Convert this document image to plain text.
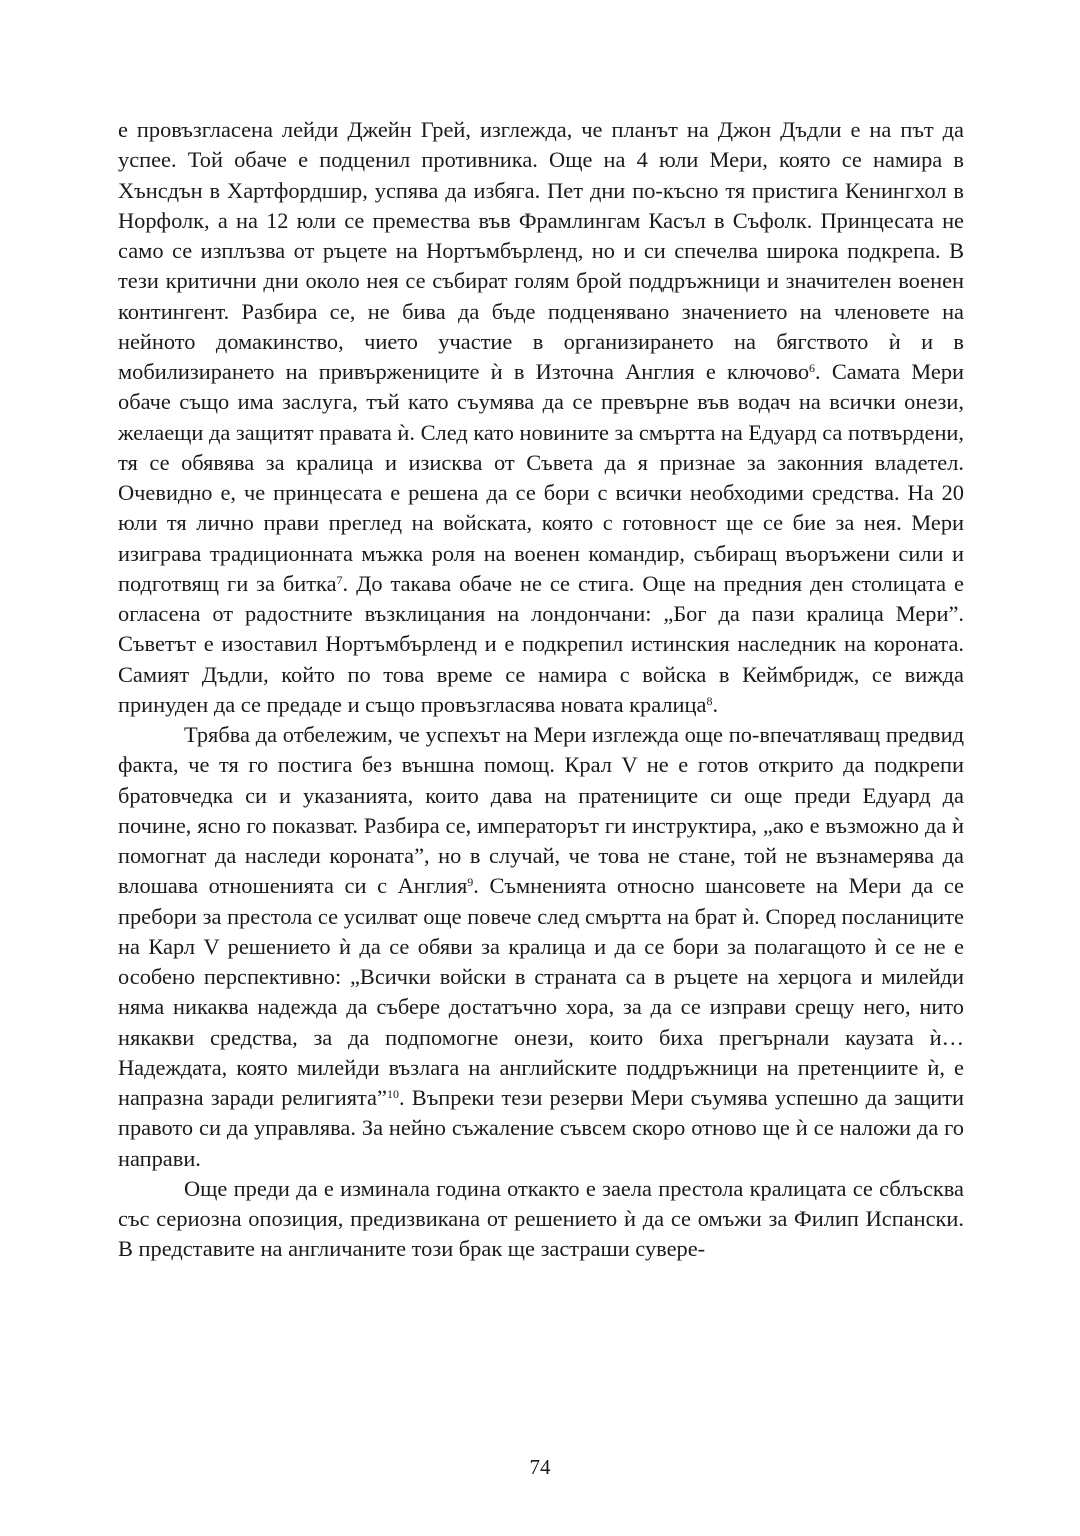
е провъзгласена лейди Джейн Грей, изглежда, че планът на Джон Дъдли е на път да успее. Той обаче е подценил противника. Още на 4 юли Мери, която се намира в Хънсдън в Хартфордшир, успява да избяга. Пет дни по-късно тя пристига Кенингхол в Норфолк, а на 12 юли се премества във Фрамлингам Касъл в Съфолк. Принцесата не само се изплъзва от ръцете на Нортъмбърленд, но и си спечелва широка подкрепа. В тези критични дни около нея се събират голям брой поддръжници и значителен военен контингент. Разбира се, не бива да бъде подценявано значението на членовете на нейното домакинство, чието участие в организирането на бягството ѝ и в мобилизирането на привържениците ѝ в Източна Англия е ключово$^6$. Самата Мери обаче също има заслуга, тъй като съумява да се превърне във водач на всички онези, желаещи да защитят правата ѝ. След като новините за смъртта на Едуард са потвърдени, тя се обявява за кралица и изисква от Съвета да я признае за законния владетел. Очевидно е, че принцесата е решена да се бори с всички необходими средства. На 20 юли тя лично прави преглед на войската, която с готовност ще се бие за нея. Мери изиграва традиционната мъжка роля на военен командир, събиращ въоръжени сили и подготвящ ги за битка$^7$. До такава обаче не се стига. Още на предния ден столицата е огласена от радостните възклицания на лондончани: „Бог да пази кралица Мери”. Съветът е изоставил Нортъмбърленд и е подкрепил истинския наследник на короната. Самият Дъдли, който по това време се намира с войска в Кеймбридж, се вижда принуден да се предаде и също провъзгласява новата кралица$^8$.

Трябва да отбележим, че успехът на Мери изглежда още по-впечатляващ предвид факта, че тя го постига без външна помощ. Крал V не е готов открито да подкрепи братовчедка си и указанията, които дава на пратениците си още преди Едуард да почине, ясно го показват. Разбира се, императорът ги инструктира, „ако е възможно да ѝ помогнат да наследи короната”, но в случай, че това не стане, той не възнамерява да влошава отношенията си с Англия$^9$. Съмненията относно шансовете на Мери да се пребори за престола се усилват още повече след смъртта на брат ѝ. Според посланиците на Карл V решението ѝ да се обяви за кралица и да се бори за полагащото ѝ се не е особено перспективно: „Всички войски в страната са в ръцете на херцога и милейди няма никаква надежда да събере достатъчно хора, за да се изправи срещу него, нито някакви средства, за да подпомогне онези, които биха прегърнали каузата ѝ… Надеждата, която милейди възлага на английските поддръжници на претенциите ѝ, е напразна заради религията”$^{10}$. Въпреки тези резерви Мери съумява успешно да защити правото си да управлява. За нейно съжаление съвсем скоро отново ще ѝ се наложи да го направи.

Още преди да е изминала година откакто е заела престола кралицата се сблъсква със сериозна опозиция, предизвикана от решението ѝ да се омъжи за Филип Испански. В представите на англичаните този брак ще застраши сувере-

74
